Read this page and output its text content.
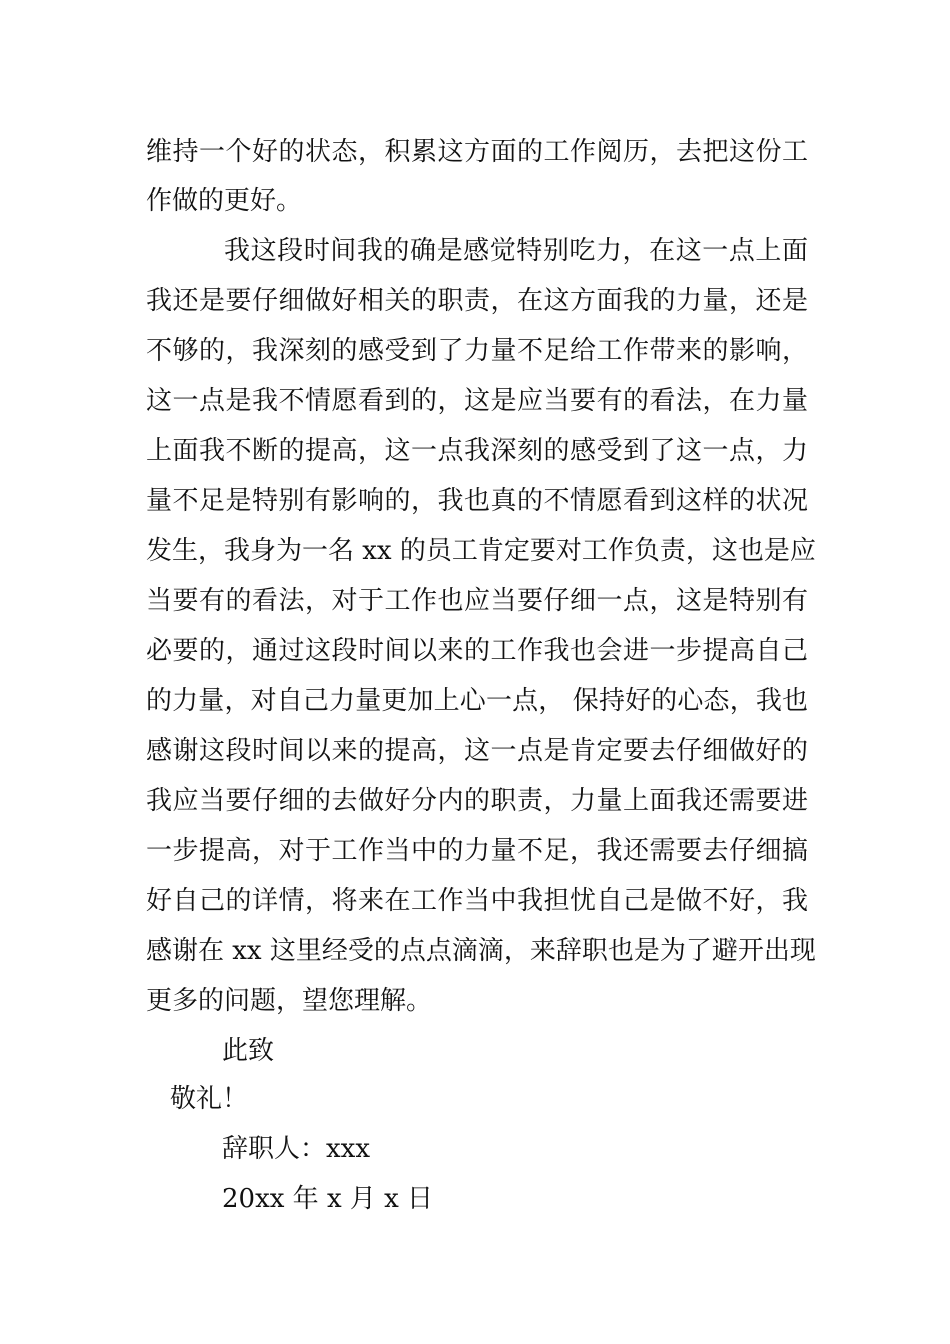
维持一个好的状态，积累这方面的工作阅历，去把这份工
作做的更好。
我这段时间我的确是感觉特别吃力，在这一点上面
我还是要仔细做好相关的职责，在这方面我的力量，还是
不够的，我深刻的感受到了力量不足给工作带来的影响，
这一点是我不情愿看到的，这是应当要有的看法，在力量
上面我不断的提高，这一点我深刻的感受到了这一点，力
量不足是特别有影响的，我也真的不情愿看到这样的状况
发生，我身为一名 xx 的员工肯定要对工作负责，这也是应
当要有的看法，对于工作也应当要仔细一点，这是特别有
必要的，通过这段时间以来的工作我也会进一步提高自己
的力量，对自己力量更加上心一点， 保持好的心态，我也
感谢这段时间以来的提高，这一点是肯定要去仔细做好的
我应当要仔细的去做好分内的职责，力量上面我还需要进
一步提高，对于工作当中的力量不足，我还需要去仔细搞
好自己的详情，将来在工作当中我担忧自己是做不好，我
感谢在 xx 这里经受的点点滴滴，来辞职也是为了避开出现
更多的问题，望您理解。
此致
敬礼！
辞职人：xxx
20xx 年 x 月 x 日
